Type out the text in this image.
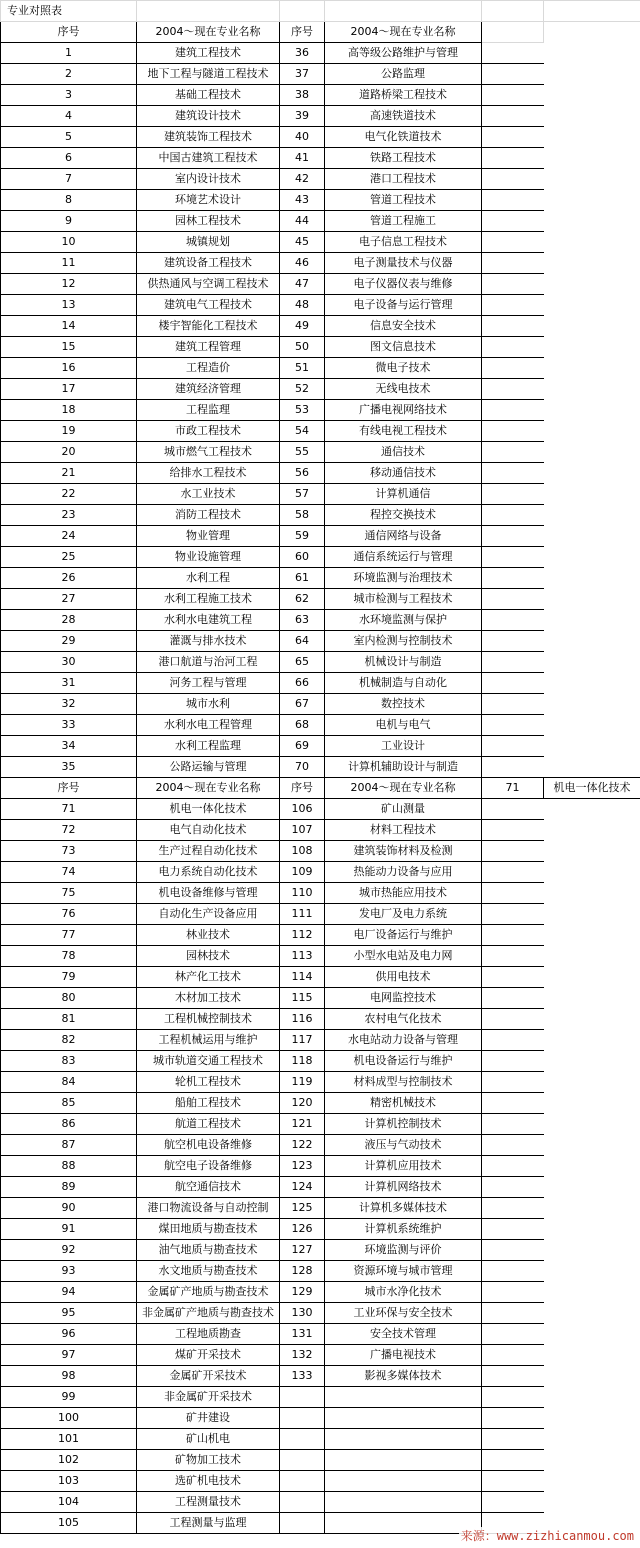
专业对照表					
序号	2004～现在专业名称	序号	2004～现在专业名称		
1	建筑工程技术	36	高等级公路维护与管理		
2	地下工程与隧道工程技术	37	公路监理		
3	基础工程技术	38	道路桥梁工程技术		
4	建筑设计技术	39	高速铁道技术		
5	建筑装饰工程技术	40	电气化铁道技术		
6	中国古建筑工程技术	41	铁路工程技术		
7	室内设计技术	42	港口工程技术		
8	环境艺术设计	43	管道工程技术		
9	园林工程技术	44	管道工程施工		
10	城镇规划	45	电子信息工程技术		
11	建筑设备工程技术	46	电子测量技术与仪器		
12	供热通风与空调工程技术	47	电子仪器仪表与维修		
13	建筑电气工程技术	48	电子设备与运行管理		
14	楼宇智能化工程技术	49	信息安全技术		
15	建筑工程管理	50	图文信息技术		
16	工程造价	51	微电子技术		
17	建筑经济管理	52	无线电技术		
18	工程监理	53	广播电视网络技术		
19	市政工程技术	54	有线电视工程技术		
20	城市燃气工程技术	55	通信技术		
21	给排水工程技术	56	移动通信技术		
22	水工业技术	57	计算机通信		
23	消防工程技术	58	程控交换技术		
24	物业管理	59	通信网络与设备		
25	物业设施管理	60	通信系统运行与管理		
26	水利工程	61	环境监测与治理技术		
27	水利工程施工技术	62	城市检测与工程技术		
28	水利水电建筑工程	63	水环境监测与保护		
29	灌溉与排水技术	64	室内检测与控制技术		
30	港口航道与治河工程	65	机械设计与制造		
31	河务工程与管理	66	机械制造与自动化		
32	城市水利	67	数控技术		
33	水利水电工程管理	68	电机与电气		
34	水利工程监理	69	工业设计		
35	公路运输与管理	70	计算机辅助设计与制造		
序号	2004～现在专业名称	序号	2004～现在专业名称	71	机电一体化技术
71	机电一体化技术	106	矿山测量		
72	电气自动化技术	107	材料工程技术		
73	生产过程自动化技术	108	建筑装饰材料及检测		
74	电力系统自动化技术	109	热能动力设备与应用		
75	机电设备维修与管理	110	城市热能应用技术		
76	自动化生产设备应用	111	发电厂及电力系统		
77	林业技术	112	电厂设备运行与维护		
78	园林技术	113	小型水电站及电力网		
79	林产化工技术	114	供用电技术		
80	木材加工技术	115	电网监控技术		
81	工程机械控制技术	116	农村电气化技术		
82	工程机械运用与维护	117	水电站动力设备与管理		
83	城市轨道交通工程技术	118	机电设备运行与维护		
84	轮机工程技术	119	材料成型与控制技术		
85	船舶工程技术	120	精密机械技术		
86	航道工程技术	121	计算机控制技术		
87	航空机电设备维修	122	液压与气动技术		
88	航空电子设备维修	123	计算机应用技术		
89	航空通信技术	124	计算机网络技术		
90	港口物流设备与自动控制	125	计算机多媒体技术		
91	煤田地质与勘查技术	126	计算机系统维护		
92	油气地质与勘查技术	127	环境监测与评价		
93	水文地质与勘查技术	128	资源环境与城市管理		
94	金属矿产地质与勘查技术	129	城市水净化技术		
95	非金属矿产地质与勘查技术	130	工业环保与安全技术		
96	工程地质勘查	131	安全技术管理		
97	煤矿开采技术	132	广播电视技术		
98	金属矿开采技术	133	影视多媒体技术		
99	非金属矿开采技术				
100	矿井建设				
101	矿山机电				
102	矿物加工技术				
103	选矿机电技术				
104	工程测量技术				
105	工程测量与监理				
来源：www.zizhicanmou.com
